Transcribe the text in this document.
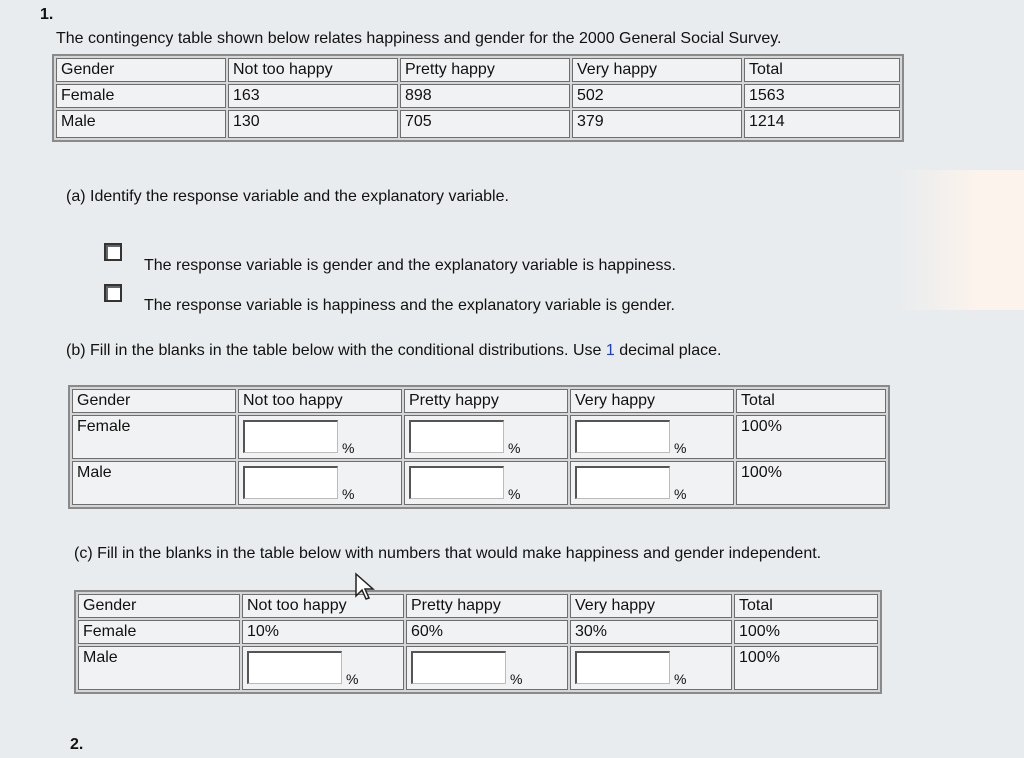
1.
The contingency table shown below relates happiness and gender for the 2000 General Social Survey.
Gender	Not too happy	Pretty happy	Very happy	Total
Female	163	898	502	1563
Male	130	705	379	1214
(a) Identify the response variable and the explanatory variable.
The response variable is gender and the explanatory variable is happiness.
The response variable is happiness and the explanatory variable is gender.
(b) Fill in the blanks in the table below with the conditional distributions. Use 1 decimal place.
Gender	Not too happy	Pretty happy	Very happy	Total
Female	%	%	%	100%
Male	%	%	%	100%
(c) Fill in the blanks in the table below with numbers that would make happiness and gender independent.
Gender	Not too happy	Pretty happy	Very happy	Total
Female	10%	60%	30%	100%
Male	%	%	%	100%
2.
